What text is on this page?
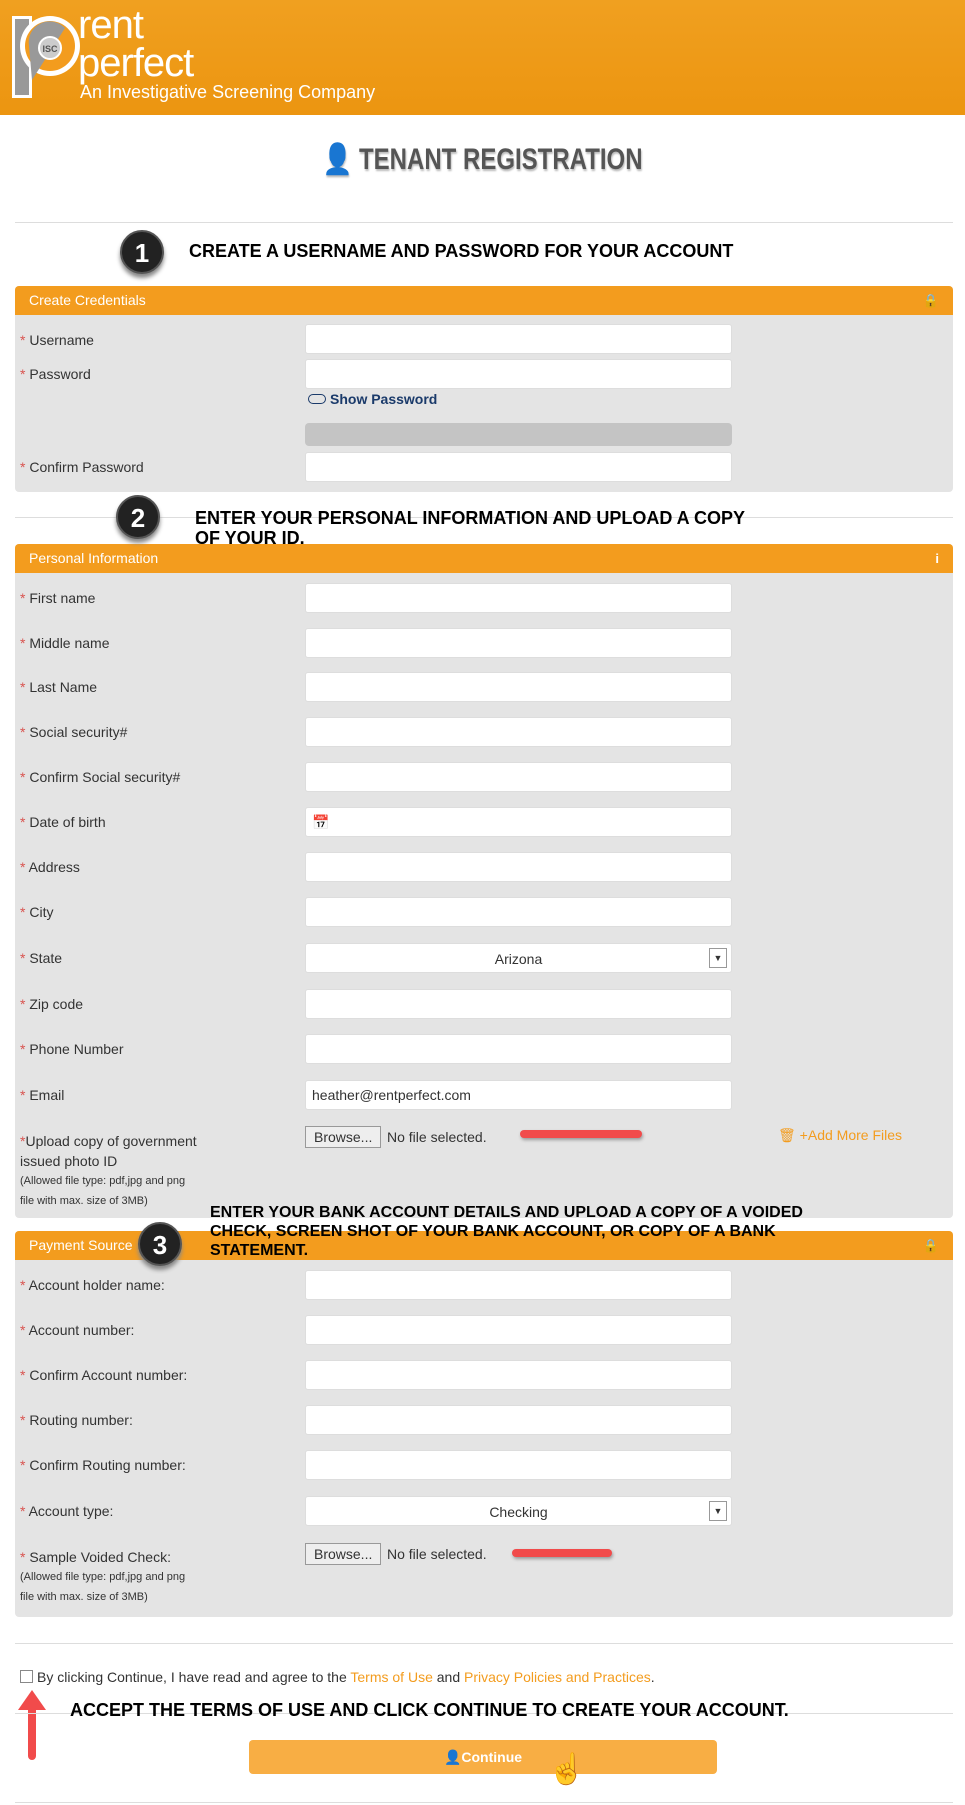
ISC
rent
perfect
An Investigative Screening Company
👤 TENANT REGISTRATION
1	CREATE A USERNAME AND PASSWORD FOR YOUR ACCOUNT
Create Credentials	🔒
* Username
* Password
Show Password
* Confirm Password
2	ENTER YOUR PERSONAL INFORMATION AND UPLOAD A COPY OF YOUR ID.
Personal Information	i
* First name
* Middle name
* Last Name
* Social security#
* Confirm Social security#
* Date of birth	📅
* Address
* City
* State	Arizona	▼
* Zip code
* Phone Number
* Email	heather@rentperfect.com
*Upload copy of government
issued photo ID
(Allowed file type: pdf,jpg and png
file with max. size of 3MB)
Browse...	No file selected.	🗑 +Add More Files
Payment Source	🔒
3
ENTER YOUR BANK ACCOUNT DETAILS AND UPLOAD A COPY OF A VOIDED CHECK, SCREEN SHOT OF YOUR BANK ACCOUNT, OR COPY OF A BANK STATEMENT.
* Account holder name:
* Account number:
* Confirm Account number:
* Routing number:
* Confirm Routing number:
* Account type:	Checking	▼
* Sample Voided Check:
(Allowed file type: pdf,jpg and png
file with max. size of 3MB)
Browse...	No file selected.
By clicking Continue, I have read and agree to the Terms of Use and Privacy Policies and Practices.
ACCEPT THE TERMS OF USE AND CLICK CONTINUE TO CREATE YOUR ACCOUNT.
👤Continue ☝
